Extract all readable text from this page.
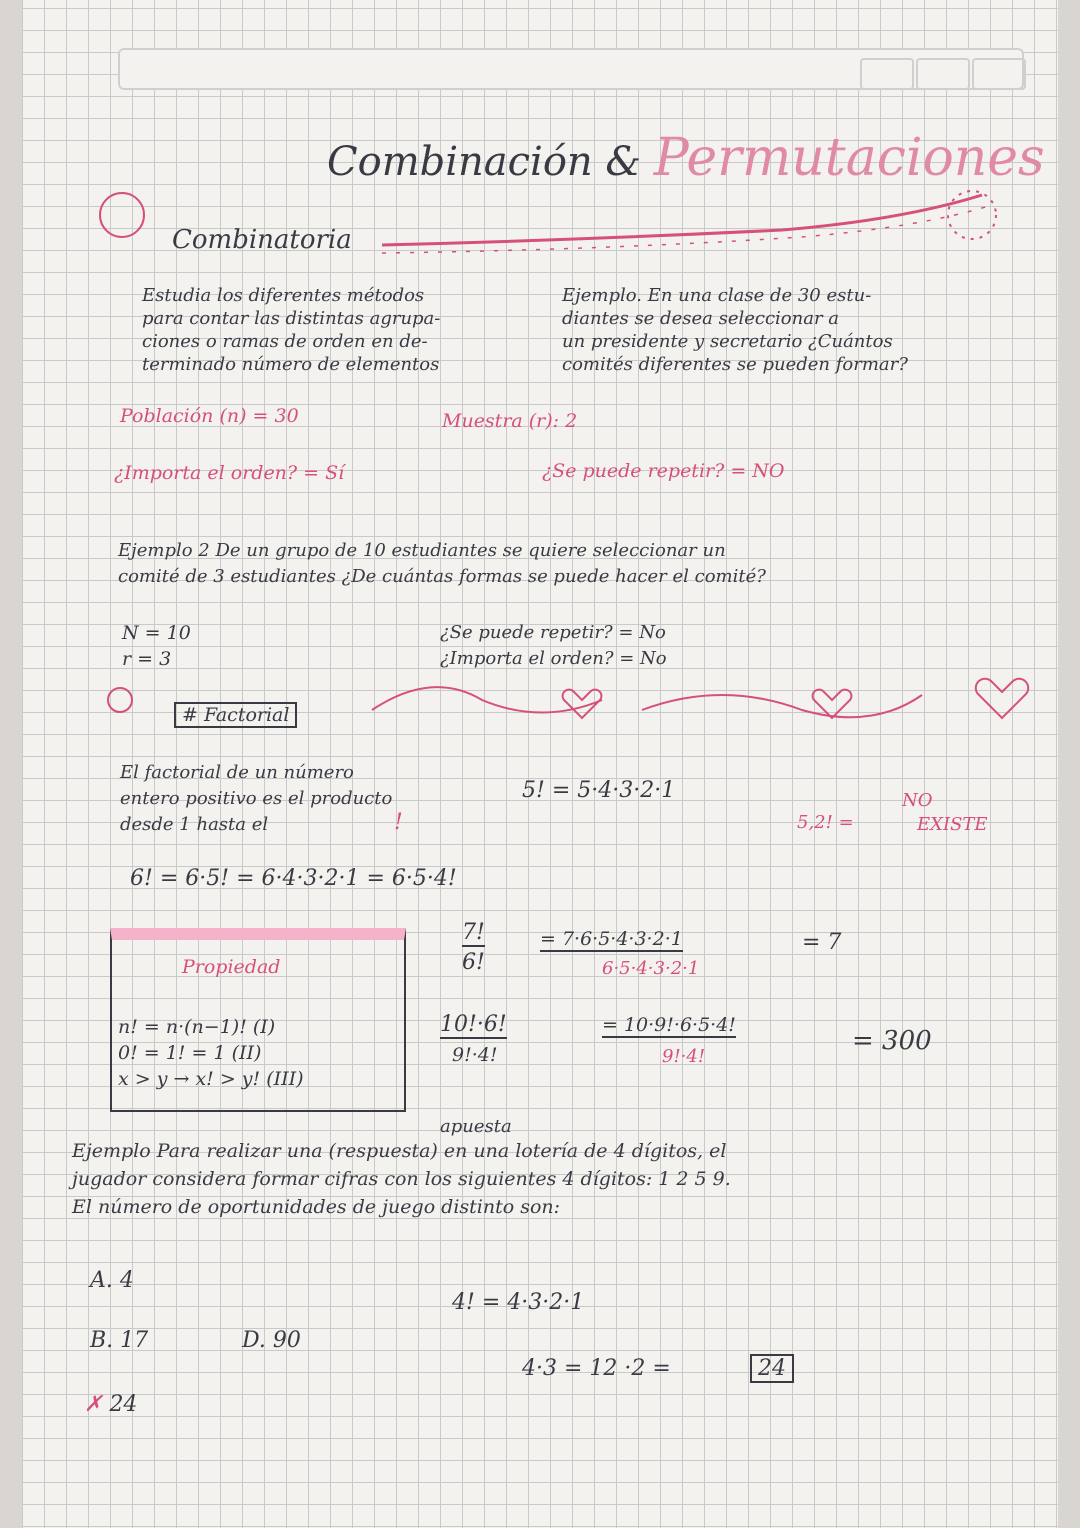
Combinación & Permutaciones
Combinatoria
Estudia los diferentes métodos
para contar las distintas agrupa-
ciones o ramas de orden en de-
terminado número de elementos
Ejemplo. En una clase de 30 estu-
diantes se desea seleccionar a
un presidente y secretario ¿Cuántos
comités diferentes se pueden formar?
Población (n) = 30	Muestra (r): 2
¿Importa el orden? = Sí	¿Se puede repetir? = NO
Ejemplo 2 De un grupo de 10 estudiantes se quiere seleccionar un
comité de 3 estudiantes ¿De cuántas formas se puede hacer el comité?
N = 10
r = 3
¿Se puede repetir? = No
¿Importa el orden? = No
# Factorial
El factorial de un número
entero positivo es el producto
desde 1 hasta el	!
5! = 5·4·3·2·1
5,2! =
NO
EXISTE
6! = 6·5! = 6·4·3·2·1 = 6·5·4!
Propiedad
n! = n·(n−1)! (I)
0! = 1! = 1 (II)
x > y → x! > y! (III)
7!
6!
= 7·6·5·4·3·2·1
6·5·4·3·2·1
= 7
10!·6!
9!·4!
= 10·9!·6·5·4!
9!·4!
= 300
apuesta
Ejemplo Para realizar una (respuesta) en una lotería de 4 dígitos, el
jugador considera formar cifras con los siguientes 4 dígitos: 1 2 5 9.
El número de oportunidades de juego distinto son:
A. 4
B. 17	D. 90
✗ 24
4! = 4·3·2·1
4·3 = 12 ·2 =	24
